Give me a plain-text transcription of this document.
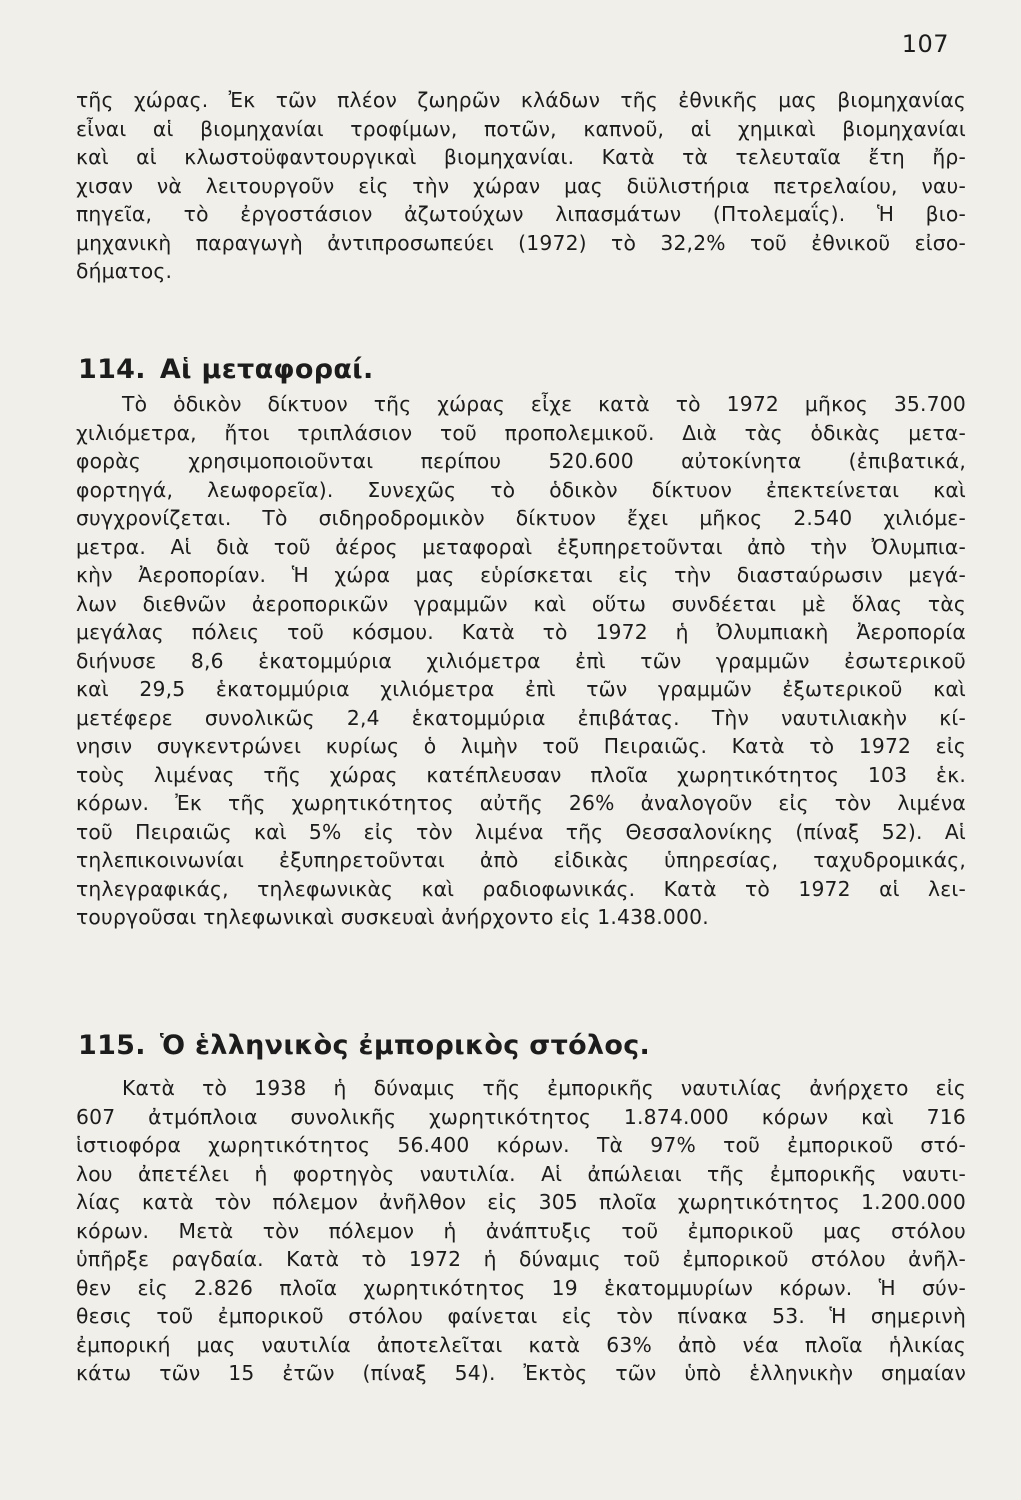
107
τῆς χώρας. Ἐκ τῶν πλέον ζωηρῶν κλάδων τῆς ἐθνικῆς μας βιομηχανίας
εἶναι αἱ βιομηχανίαι τροφίμων, ποτῶν, καπνοῦ, αἱ χημικαὶ βιομηχανίαι
καὶ αἱ κλωστοϋφαντουργικαὶ βιομηχανίαι. Κατὰ τὰ τελευταῖα ἔτη ἤρ-
χισαν νὰ λειτουργοῦν εἰς τὴν χώραν μας διϋλιστήρια πετρελαίου, ναυ-
πηγεῖα, τὸ ἐργοστάσιον ἀζωτούχων λιπασμάτων (Πτολεμαΐς). Ἡ βιο-
μηχανικὴ παραγωγὴ ἀντιπροσωπεύει (1972) τὸ 32,2% τοῦ ἐθνικοῦ εἰσο-
δήματος.
114. Αἱ μεταφοραί.
Τὸ ὁδικὸν δίκτυον τῆς χώρας εἶχε κατὰ τὸ 1972 μῆκος 35.700
χιλιόμετρα, ἤτοι τριπλάσιον τοῦ προπολεμικοῦ. Διὰ τὰς ὁδικὰς μετα-
φορὰς χρησιμοποιοῦνται περίπου 520.600 αὐτοκίνητα (ἐπιβατικά,
φορτηγά, λεωφορεῖα). Συνεχῶς τὸ ὁδικὸν δίκτυον ἐπεκτείνεται καὶ
συγχρονίζεται. Τὸ σιδηροδρομικὸν δίκτυον ἔχει μῆκος 2.540 χιλιόμε-
μετρα. Αἱ διὰ τοῦ ἀέρος μεταφοραὶ ἐξυπηρετοῦνται ἀπὸ τὴν Ὀλυμπια-
κὴν Ἀεροπορίαν. Ἡ χώρα μας εὑρίσκεται εἰς τὴν διασταύρωσιν μεγά-
λων διεθνῶν ἀεροπορικῶν γραμμῶν καὶ οὕτω συνδέεται μὲ ὅλας τὰς
μεγάλας πόλεις τοῦ κόσμου. Κατὰ τὸ 1972 ἡ Ὀλυμπιακὴ Ἀεροπορία
διήνυσε 8,6 ἑκατομμύρια χιλιόμετρα ἐπὶ τῶν γραμμῶν ἐσωτερικοῦ
καὶ 29,5 ἑκατομμύρια χιλιόμετρα ἐπὶ τῶν γραμμῶν ἐξωτερικοῦ καὶ
μετέφερε συνολικῶς 2,4 ἑκατομμύρια ἐπιβάτας. Τὴν ναυτιλιακὴν κί-
νησιν συγκεντρώνει κυρίως ὁ λιμὴν τοῦ Πειραιῶς. Κατὰ τὸ 1972 εἰς
τοὺς λιμένας τῆς χώρας κατέπλευσαν πλοῖα χωρητικότητος 103 ἑκ.
κόρων. Ἐκ τῆς χωρητικότητος αὐτῆς 26% ἀναλογοῦν εἰς τὸν λιμένα
τοῦ Πειραιῶς καὶ 5% εἰς τὸν λιμένα τῆς Θεσσαλονίκης (πίναξ 52). Αἱ
τηλεπικοινωνίαι ἐξυπηρετοῦνται ἀπὸ εἰδικὰς ὑπηρεσίας, ταχυδρομικάς,
τηλεγραφικάς, τηλεφωνικὰς καὶ ραδιοφωνικάς. Κατὰ τὸ 1972 αἱ λει-
τουργοῦσαι τηλεφωνικαὶ συσκευαὶ ἀνήρχοντο εἰς 1.438.000.
115. Ὁ ἑλληνικὸς ἐμπορικὸς στόλος.
Κατὰ τὸ 1938 ἡ δύναμις τῆς ἐμπορικῆς ναυτιλίας ἀνήρχετο εἰς
607 ἀτμόπλοια συνολικῆς χωρητικότητος 1.874.000 κόρων καὶ 716
ἱστιοφόρα χωρητικότητος 56.400 κόρων. Τὰ 97% τοῦ ἐμπορικοῦ στό-
λου ἀπετέλει ἡ φορτηγὸς ναυτιλία. Αἱ ἀπώλειαι τῆς ἐμπορικῆς ναυτι-
λίας κατὰ τὸν πόλεμον ἀνῆλθον εἰς 305 πλοῖα χωρητικότητος 1.200.000
κόρων. Μετὰ τὸν πόλεμον ἡ ἀνάπτυξις τοῦ ἐμπορικοῦ μας στόλου
ὑπῆρξε ραγδαία. Κατὰ τὸ 1972 ἡ δύναμις τοῦ ἐμπορικοῦ στόλου ἀνῆλ-
θεν εἰς 2.826 πλοῖα χωρητικότητος 19 ἑκατομμυρίων κόρων. Ἡ σύν-
θεσις τοῦ ἐμπορικοῦ στόλου φαίνεται εἰς τὸν πίνακα 53. Ἡ σημερινὴ
ἐμπορική μας ναυτιλία ἀποτελεῖται κατὰ 63% ἀπὸ νέα πλοῖα ἡλικίας
κάτω τῶν 15 ἐτῶν (πίναξ 54). Ἐκτὸς τῶν ὑπὸ ἑλληνικὴν σημαίαν
